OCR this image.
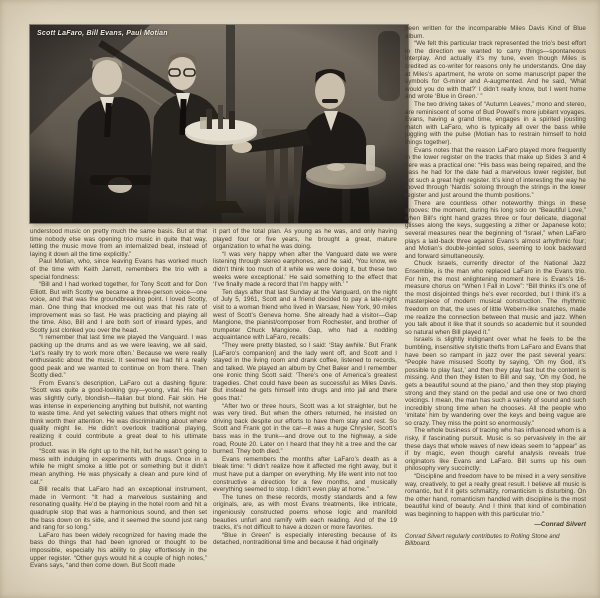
Scott LaFaro, Bill Evans, Paul Motian

understood music on pretty much the same basis. But at that time nobody else was opening trio music in quite that way, letting the music move from an internalized beat, instead of laying it down all the time explicitly.”

Paul Motian, who, since leaving Evans has worked much of the time with Keith Jarrett, remembers the trio with a special fondness:

“Bill and I had worked together, for Tony Scott and for Don Elliott. But with Scotty we became a three-person voice—one voice, and that was the groundbreaking point. I loved Scotty, man. One thing that knocked me out was that his rate of improvement was so fast. He was practicing and playing all the time. Also, Bill and I are both sort of inward types, and Scotty just clonked you over the head.

“I remember that last time we played the Vanguard. I was packing up the drums and as we were leaving, we all said, ‘Let’s really try to work more often.’ Because we were really enthusiastic about the music. It seemed we had hit a really good peak and we wanted to continue on from there. Then Scotty died.”

From Evans’s description, LaFaro cut a dashing figure: “Scott was quite a good-looking guy—young, vital. His hair was slightly curly, blondish—Italian but blond. Fair skin. He was intense in experiencing anything but bullshit, not wanting to waste time. And yet selecting values that others might not think worth their attention. He was discriminating about where quality might lie. He didn’t overlook traditional playing, realizing it could contribute a great deal to his ultimate product.

“Scott was in life right up to the hilt, but he wasn’t going to mess with indulging in experiments with drugs. Once in a while he might smoke a little pot or something but it didn’t mean anything. He was physically a clean and pure kind of cat.”

Bill recalls that LaFaro had an exceptional instrument, made in Vermont: “It had a marvelous sustaining and resonating quality. He’d be playing in the hotel room and hit a quadruple stop that was a harmonious sound, and then set the bass down on its side, and it seemed the sound just rang and rang for so long.”

LaFaro has been widely recognized for having made the bass do things that had been ignored or thought to be impossible, especially his ability to play effortlessly in the upper register. “Other guys would hit a couple of high notes,” Evans says, “and then come down. But Scott made

it part of the total plan. As young as he was, and only having played four or five years, he brought a great, mature organization to what he was doing.

“I was very happy when after the Vanguard date we were listening through stereo earphones, and he said, ‘You know, we didn’t think too much of it while we were doing it, but these two weeks were exceptional.’ He said something to the effect that ‘I’ve finally made a record that I’m happy with.’ ”

Ten days after that last Sunday at the Vanguard, on the night of July 5, 1961, Scott and a friend decided to pay a late-night visit to a woman friend who lived in Warsaw, New York, 90 miles west of Scott’s Geneva home. She already had a visitor—Gap Mangione, the pianist/composer from Rochester, and brother of trumpeter Chuck Mangione. Gap, who had a nodding acquaintance with LaFaro, recalls:

“They were pretty blasted, so I said: ‘Stay awhile.’ But Frank [LaFaro’s companion] and the lady went off, and Scott and I stayed in the living room and drank coffee, listened to records, and talked. We played an album by Chet Baker and I remember one ironic thing Scott said: ‘There’s one of America’s greatest tragedies. Chet could have been as successful as Miles Davis. But instead he gets himself into drugs and into jail and there goes that.’

“After two or three hours, Scott was a lot straighter, but he was very tired. But when the others returned, he insisted on driving back despite our efforts to have them stay and rest. So Scott and Frank got in the car—it was a huge Chrysler, Scott’s bass was in the trunk—and drove out to the highway, a side road, Route 20. Later on I heard that they hit a tree and the car burned. They both died.”

Evans remembers the months after LaFaro’s death as a bleak time: “I didn’t realize how it affected me right away, but it must have put a damper on everything. My life went into not too constructive a direction for a few months, and musically everything seemed to stop. I didn’t even play at home.”

The tunes on these records, mostly standards and a few originals, are, as with most Evans treatments, like intricate, ingeniously constructed poems whose logic and manifold beauties unfurl and ramify with each reading. And of the 19 tracks, it’s not difficult to have a dozen or more favorites.

“Blue in Green” is especially interesting because of its detached, nontraditional time and because it had originally

been written for the incomparable Miles Davis Kind of Blue album.

“We felt this particular track represented the trio’s best effort in the direction we wanted to carry things—spontaneous interplay. And actually it’s my tune, even though Miles is credited as co-writer for reasons only he understands. One day at Miles’s apartment, he wrote on some manuscript paper the symbols for G-minor and A-augmented. And he said, ‘What would you do with that?’ I didn’t really know, but I went home and wrote ‘Blue in Green.’ ”

The two driving takes of “Autumn Leaves,” mono and stereo, are reminiscent of some of Bud Powell’s more jubilant voyages. Evans, having a grand time, engages in a spirited jousting match with LaFaro, who is typically all over the bass while juggling with the pulse (Motian has to restrain himself to hold things together).

Evans notes that the reason LaFaro played more frequently in the lower register on the tracks that make up Sides 3 and 4 here was a practical one: “His bass was being repaired, and the bass he had for the date had a marvelous lower register, but not such a great high register. It’s kind of interesting the way he moved through ‘Nardis’ soloing through the strings in the lower register and just around the thumb positions.”

There are countless other noteworthy things in these grooves: the moment, during his long solo on “Beautiful Love,” when Bill’s right hand grazes three or four delicate, diagonal glisses along the keys, suggesting a zither or Japanese koto; several measures near the beginning of “Israel,” when LaFaro plays a laid-back three against Evans’s almost arhythmic four; and Motian’s double-jointed solos, seeming to look backward and forward simultaneously.

Chuck Israels, currently director of the National Jazz Ensemble, is the man who replaced LaFaro in the Evans trio. For him, the most enlightening moment here is Evans’s 16-measure chorus on “When I Fall in Love”: “Bill thinks it’s one of the most disjointed things he’s ever recorded, but I think it’s a masterpiece of modern musical construction. The rhythmic freedom on that, the uses of little Webern-like snatches, made me realize the connection between that music and jazz. When you talk about it like that it sounds so academic but it sounded so natural when Bill played it.”

Israels is slightly indignant over what he feels to be the bumbling, insensitive stylistic thefts from LaFaro and Evans that have been so rampant in jazz over the past several years: “People have misused Scotty by saying, ‘Oh my God, it’s possible to play fast,’ and then they play fast but the content is missing. And then they listen to Bill and say, ‘Oh my God, he gets a beautiful sound at the piano,’ and then they stop playing strong and they stand on the pedal and use one or two chord voicings. I mean, the man has such a variety of sound and such incredibly strong time when he chooses. All the people who ‘imitate’ him by wandering over the keys and being vague are so crazy. They miss the point so enormously.”

The whole business of tracing who has influenced whom is a risky, if fascinating pursuit. Music is so pervasively in the air these days that whole waves of new ideas seem to “appear” as if by magic, even though careful analysis reveals true originators like Evans and LaFaro. Bill sums up his own philosophy very succinctly:

“Discipline and freedom have to be mixed in a very sensitive way, creatively, to get a really great result. I believe all music is romantic, but if it gets schmaltzy, romanticism is disturbing. On the other hand, romanticism handled with discipline is the most beautiful kind of beauty. And I think that kind of combination was beginning to happen with this particular trio.”

—Conrad Silvert
Conrad Silvert regularly contributes to Rolling Stone and Billboard.
